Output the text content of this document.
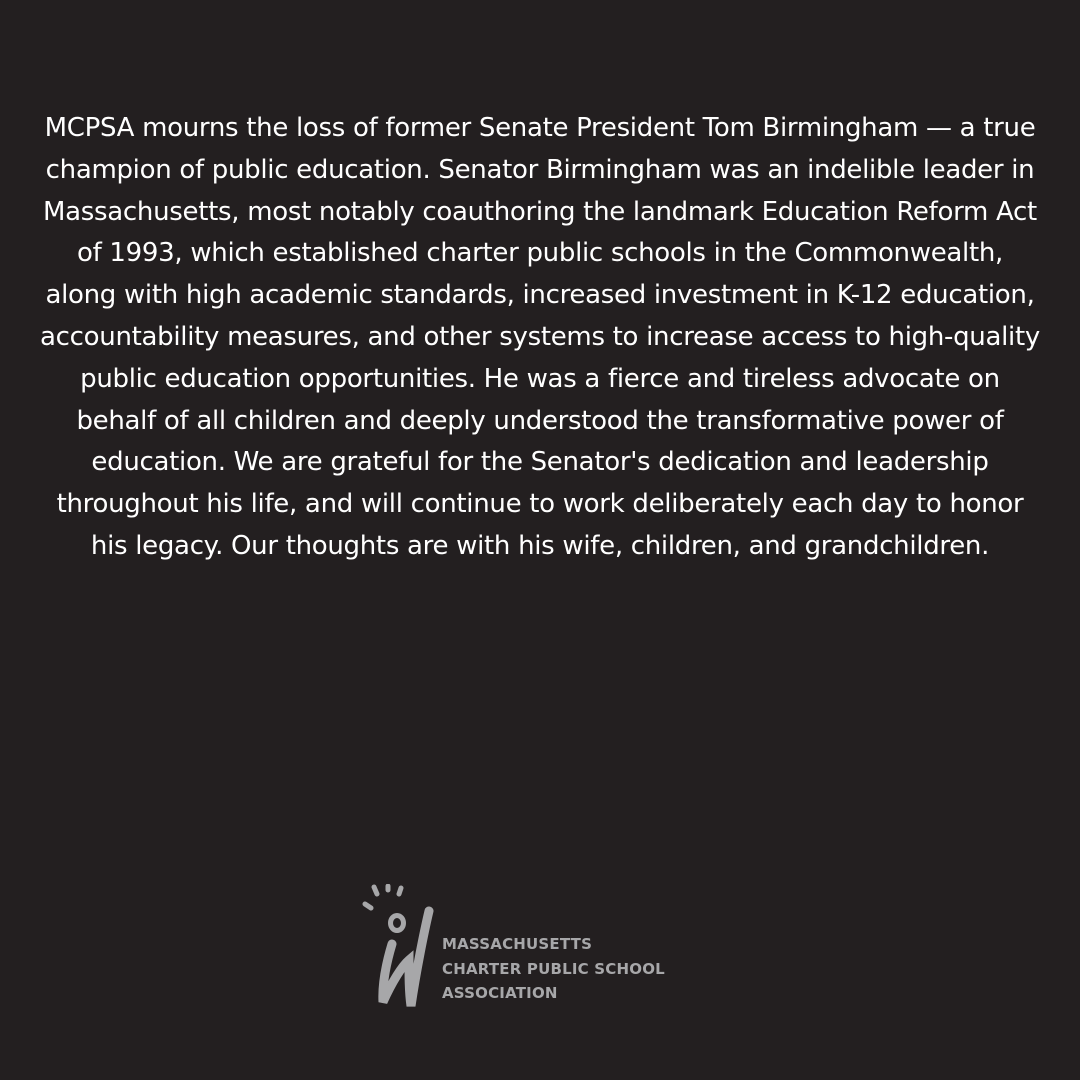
MCPSA mourns the loss of former Senate President Tom Birmingham — a true champion of public education. Senator Birmingham was an indelible leader in Massachusetts, most notably coauthoring the landmark Education Reform Act of 1993, which established charter public schools in the Commonwealth, along with high academic standards, increased investment in K-12 education, accountability measures, and other systems to increase access to high-quality public education opportunities. He was a fierce and tireless advocate on behalf of all children and deeply understood the transformative power of education. We are grateful for the Senator's dedication and leadership throughout his life, and will continue to work deliberately each day to honor his legacy. Our thoughts are with his wife, children, and grandchildren.

MASSACHUSETTS
CHARTER PUBLIC SCHOOL
ASSOCIATION
